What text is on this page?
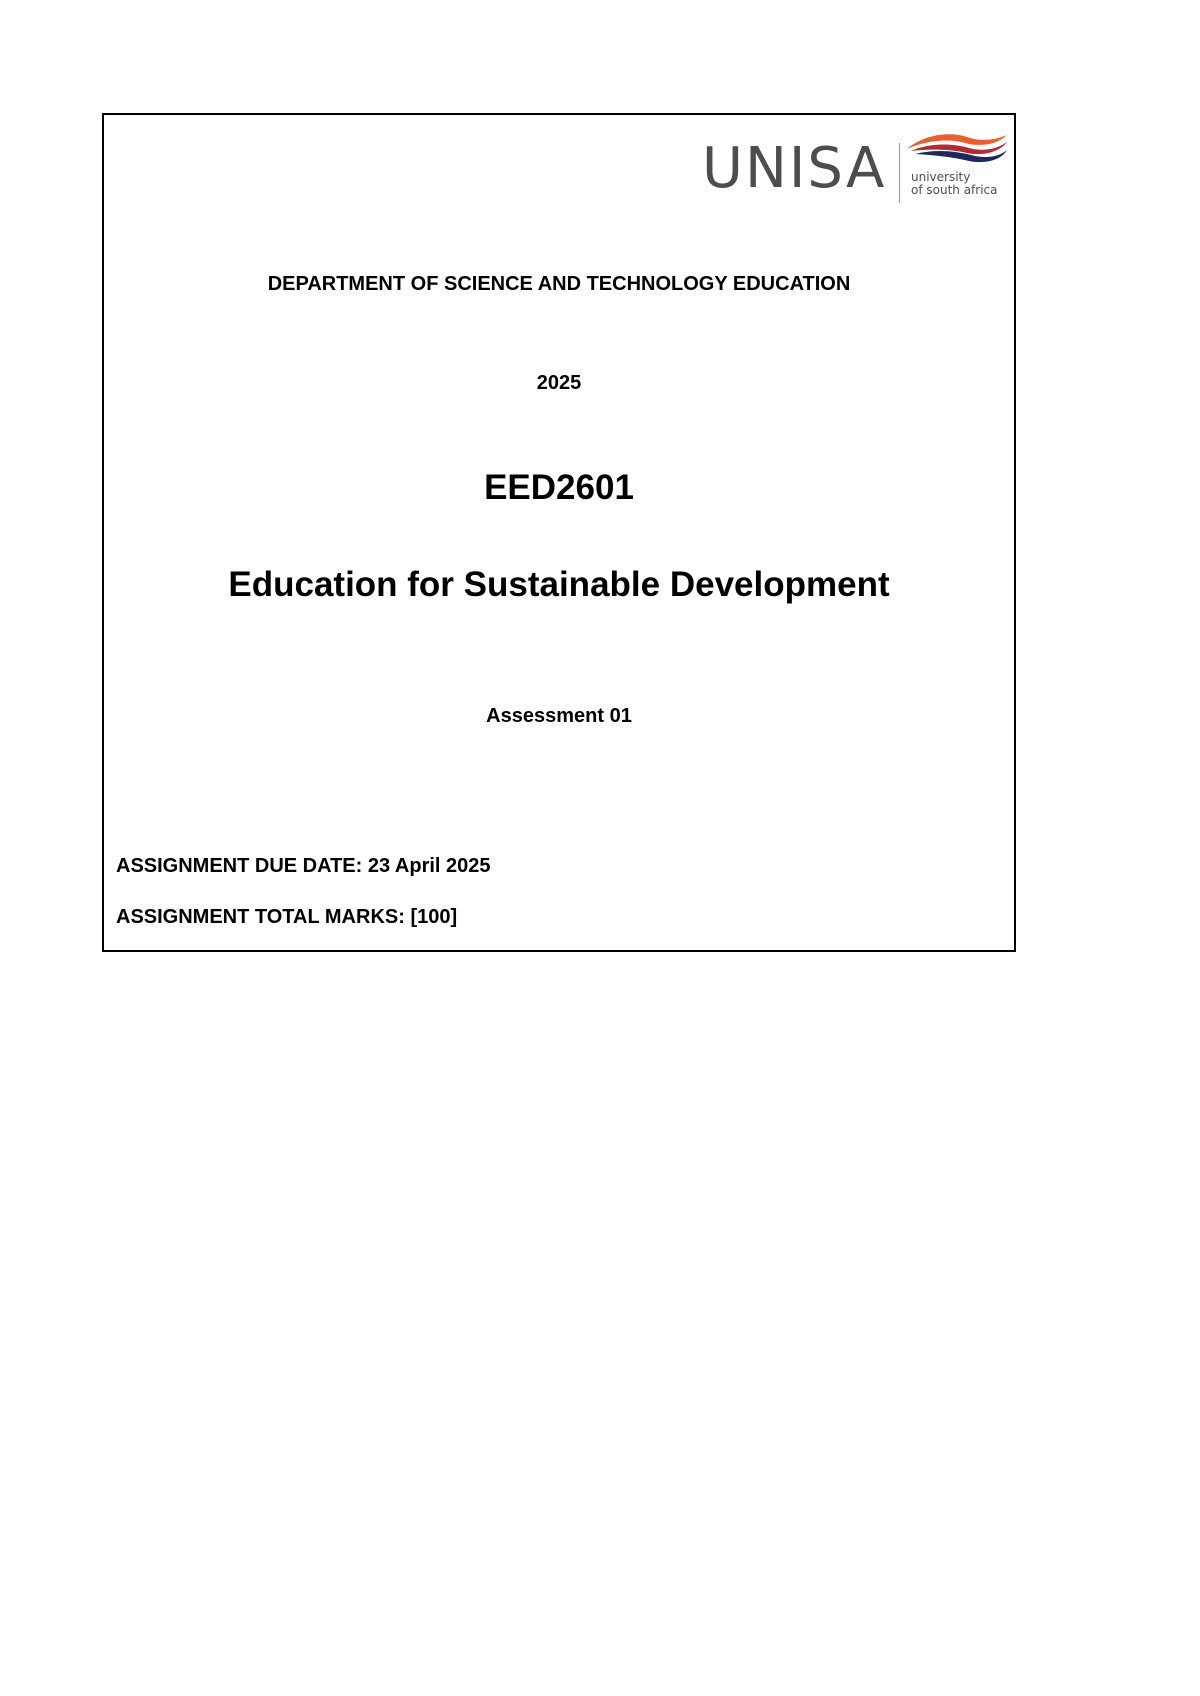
UNISA university
of south africa
DEPARTMENT OF SCIENCE AND TECHNOLOGY EDUCATION
2025
EED2601
Education for Sustainable Development
Assessment 01
ASSIGNMENT DUE DATE: 23 April 2025
ASSIGNMENT TOTAL MARKS: [100]
